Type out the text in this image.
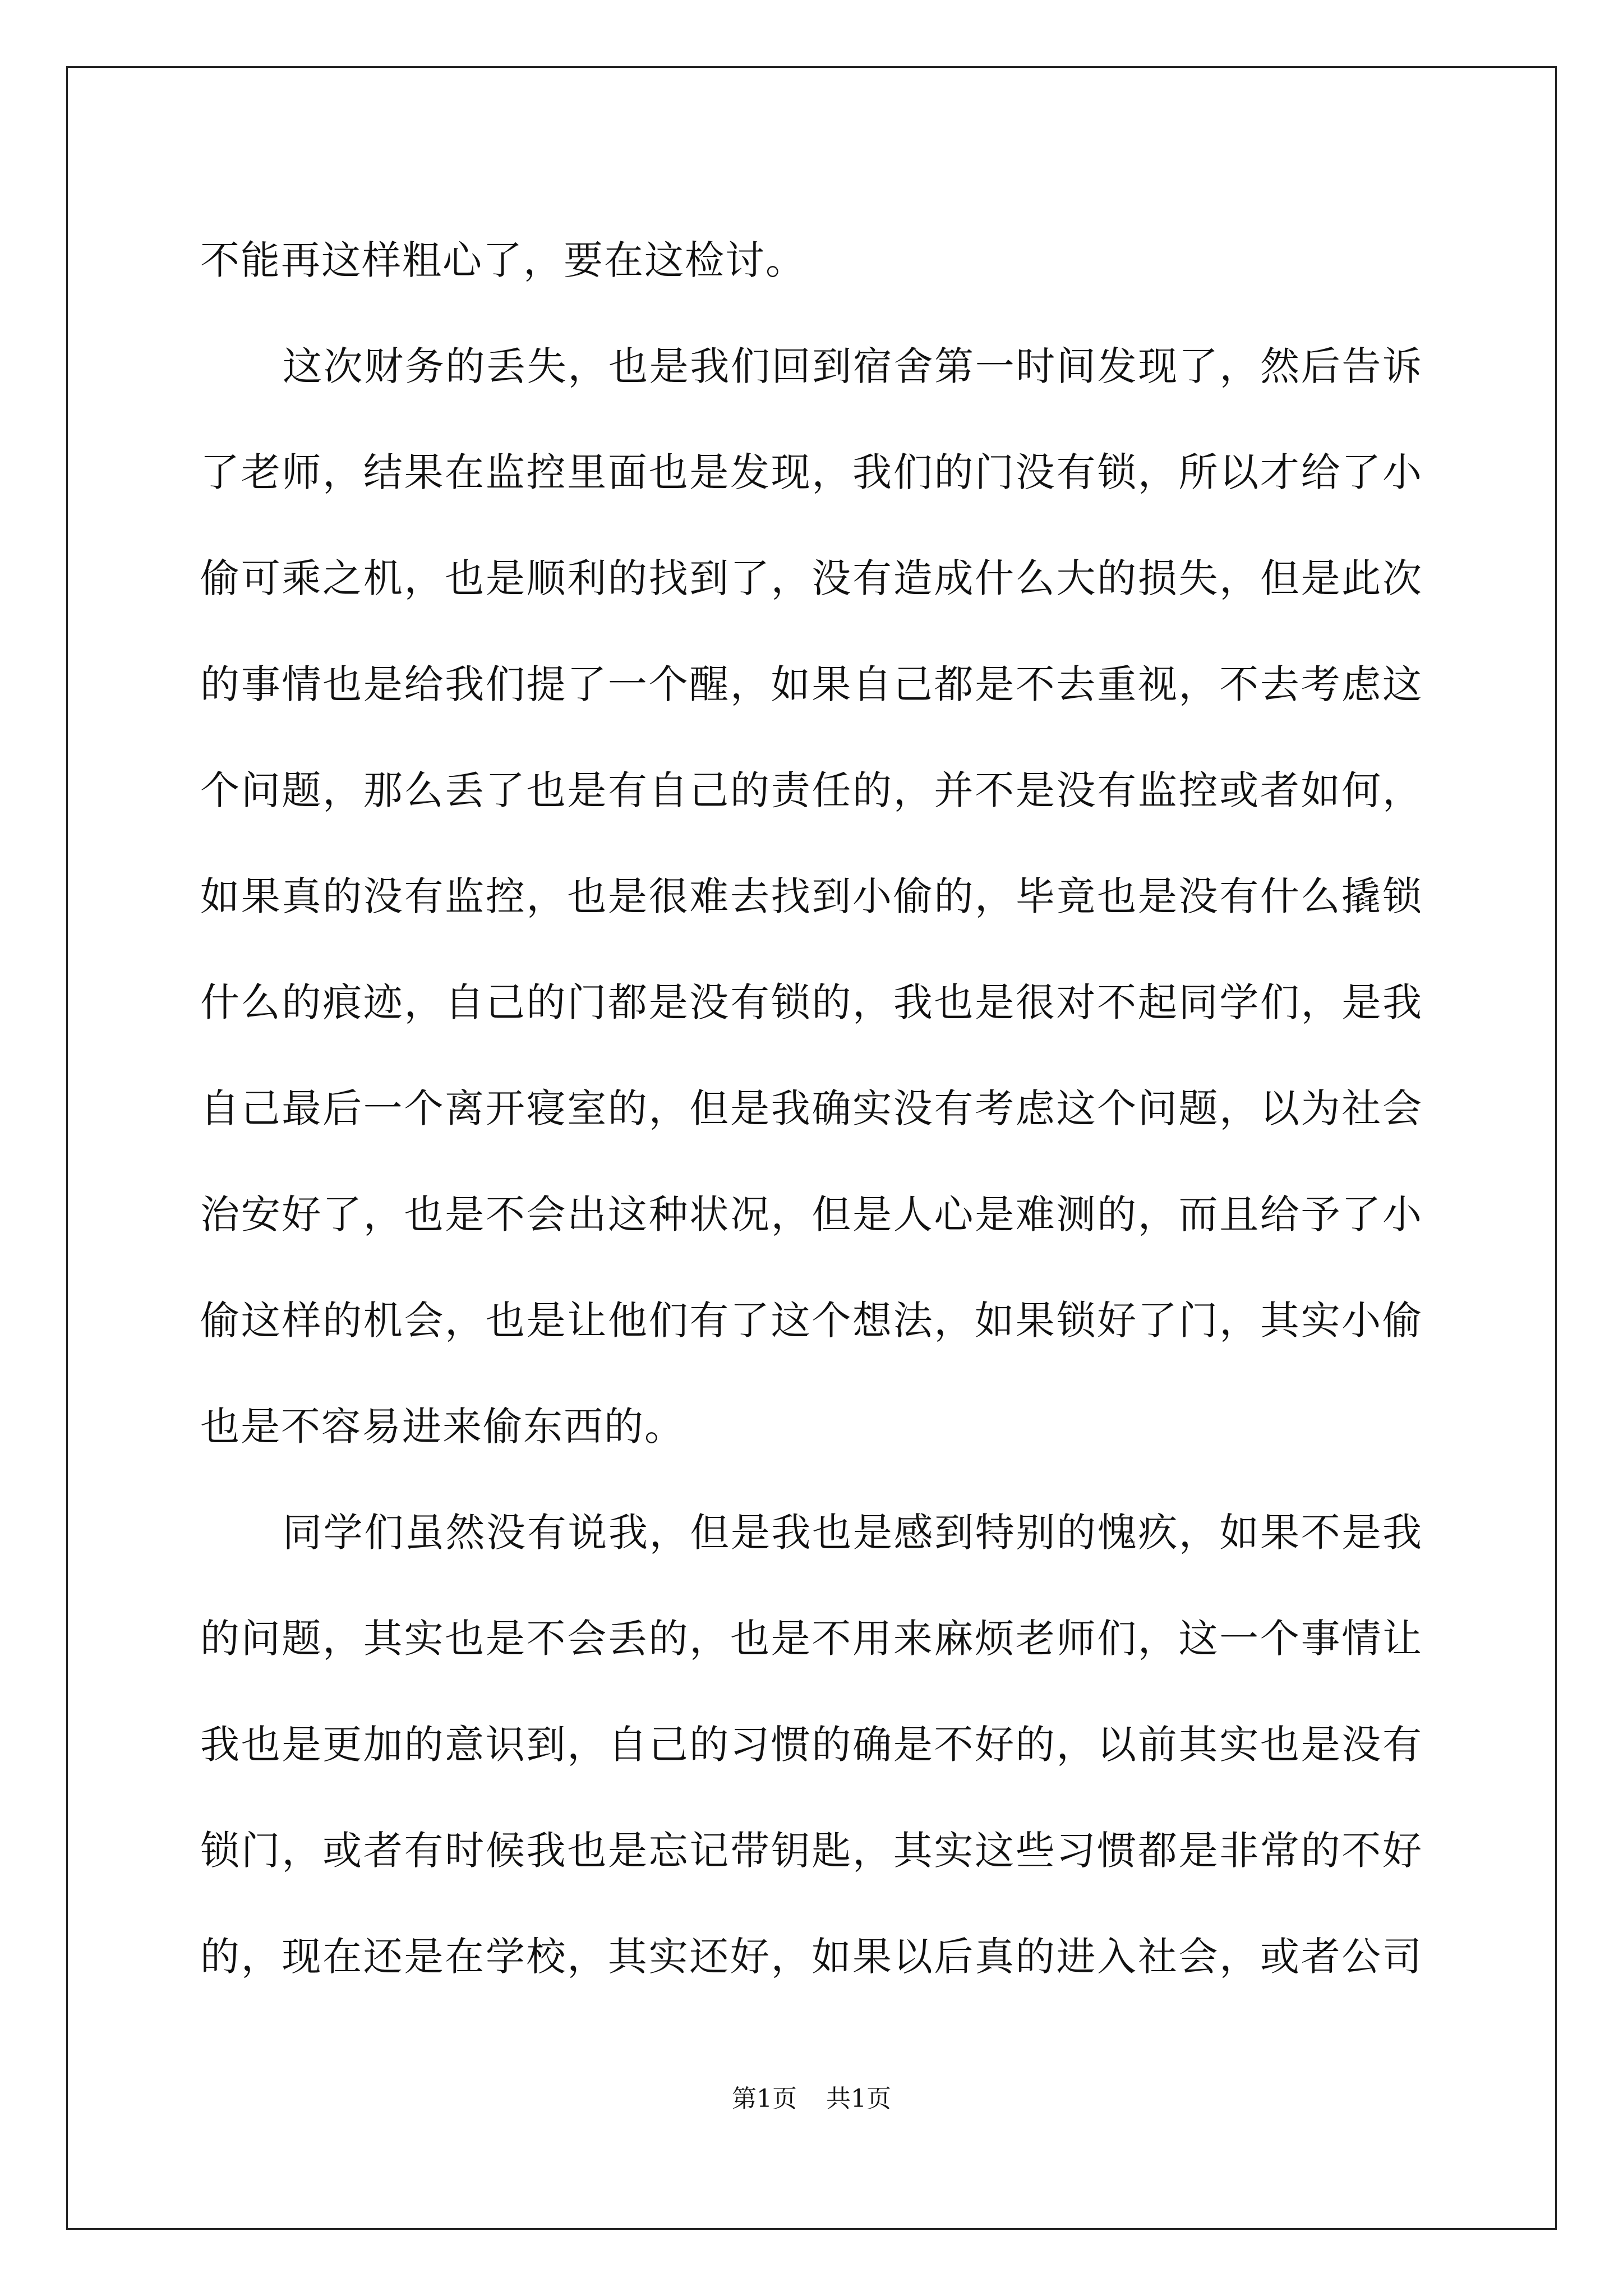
不能再这样粗心了，要在这检讨。
这次财务的丢失，也是我们回到宿舍第一时间发现了，然后告诉
了老师，结果在监控里面也是发现，我们的门没有锁，所以才给了小
偷可乘之机，也是顺利的找到了，没有造成什么大的损失，但是此次
的事情也是给我们提了一个醒，如果自己都是不去重视，不去考虑这
个问题，那么丢了也是有自己的责任的，并不是没有监控或者如何，
如果真的没有监控，也是很难去找到小偷的，毕竟也是没有什么撬锁
什么的痕迹，自己的门都是没有锁的，我也是很对不起同学们，是我
自己最后一个离开寝室的，但是我确实没有考虑这个问题，以为社会
治安好了，也是不会出这种状况，但是人心是难测的，而且给予了小
偷这样的机会，也是让他们有了这个想法，如果锁好了门，其实小偷
也是不容易进来偷东西的。
同学们虽然没有说我，但是我也是感到特别的愧疚，如果不是我
的问题，其实也是不会丢的，也是不用来麻烦老师们，这一个事情让
我也是更加的意识到，自己的习惯的确是不好的，以前其实也是没有
锁门，或者有时候我也是忘记带钥匙，其实这些习惯都是非常的不好
的，现在还是在学校，其实还好，如果以后真的进入社会，或者公司
第1页 共1页
